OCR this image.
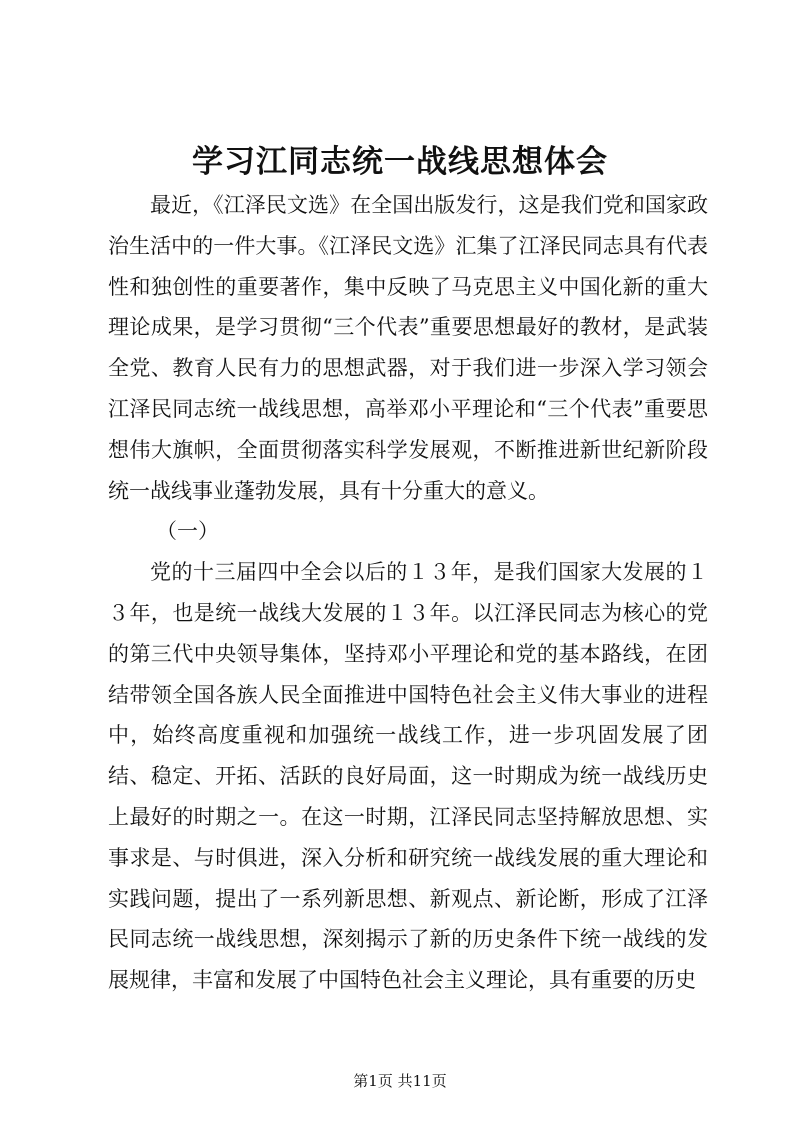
学习江同志统一战线思想体会

最近，《江泽民文选》在全国出版发行，这是我们党和国家政治生活中的一件大事。《江泽民文选》汇集了江泽民同志具有代表性和独创性的重要著作，集中反映了马克思主义中国化新的重大理论成果，是学习贯彻“三个代表”重要思想最好的教材，是武装全党、教育人民有力的思想武器，对于我们进一步深入学习领会江泽民同志统一战线思想，高举邓小平理论和“三个代表”重要思想伟大旗帜，全面贯彻落实科学发展观，不断推进新世纪新阶段统一战线事业蓬勃发展，具有十分重大的意义。

（一）

党的十三届四中全会以后的１３年，是我们国家大发展的１３年，也是统一战线大发展的１３年。以江泽民同志为核心的党的第三代中央领导集体，坚持邓小平理论和党的基本路线，在团结带领全国各族人民全面推进中国特色社会主义伟大事业的进程中，始终高度重视和加强统一战线工作，进一步巩固发展了团结、稳定、开拓、活跃的良好局面，这一时期成为统一战线历史上最好的时期之一。在这一时期，江泽民同志坚持解放思想、实事求是、与时俱进，深入分析和研究统一战线发展的重大理论和实践问题，提出了一系列新思想、新观点、新论断，形成了江泽民同志统一战线思想，深刻揭示了新的历史条件下统一战线的发展规律，丰富和发展了中国特色社会主义理论，具有重要的历史

第1页 共11页
